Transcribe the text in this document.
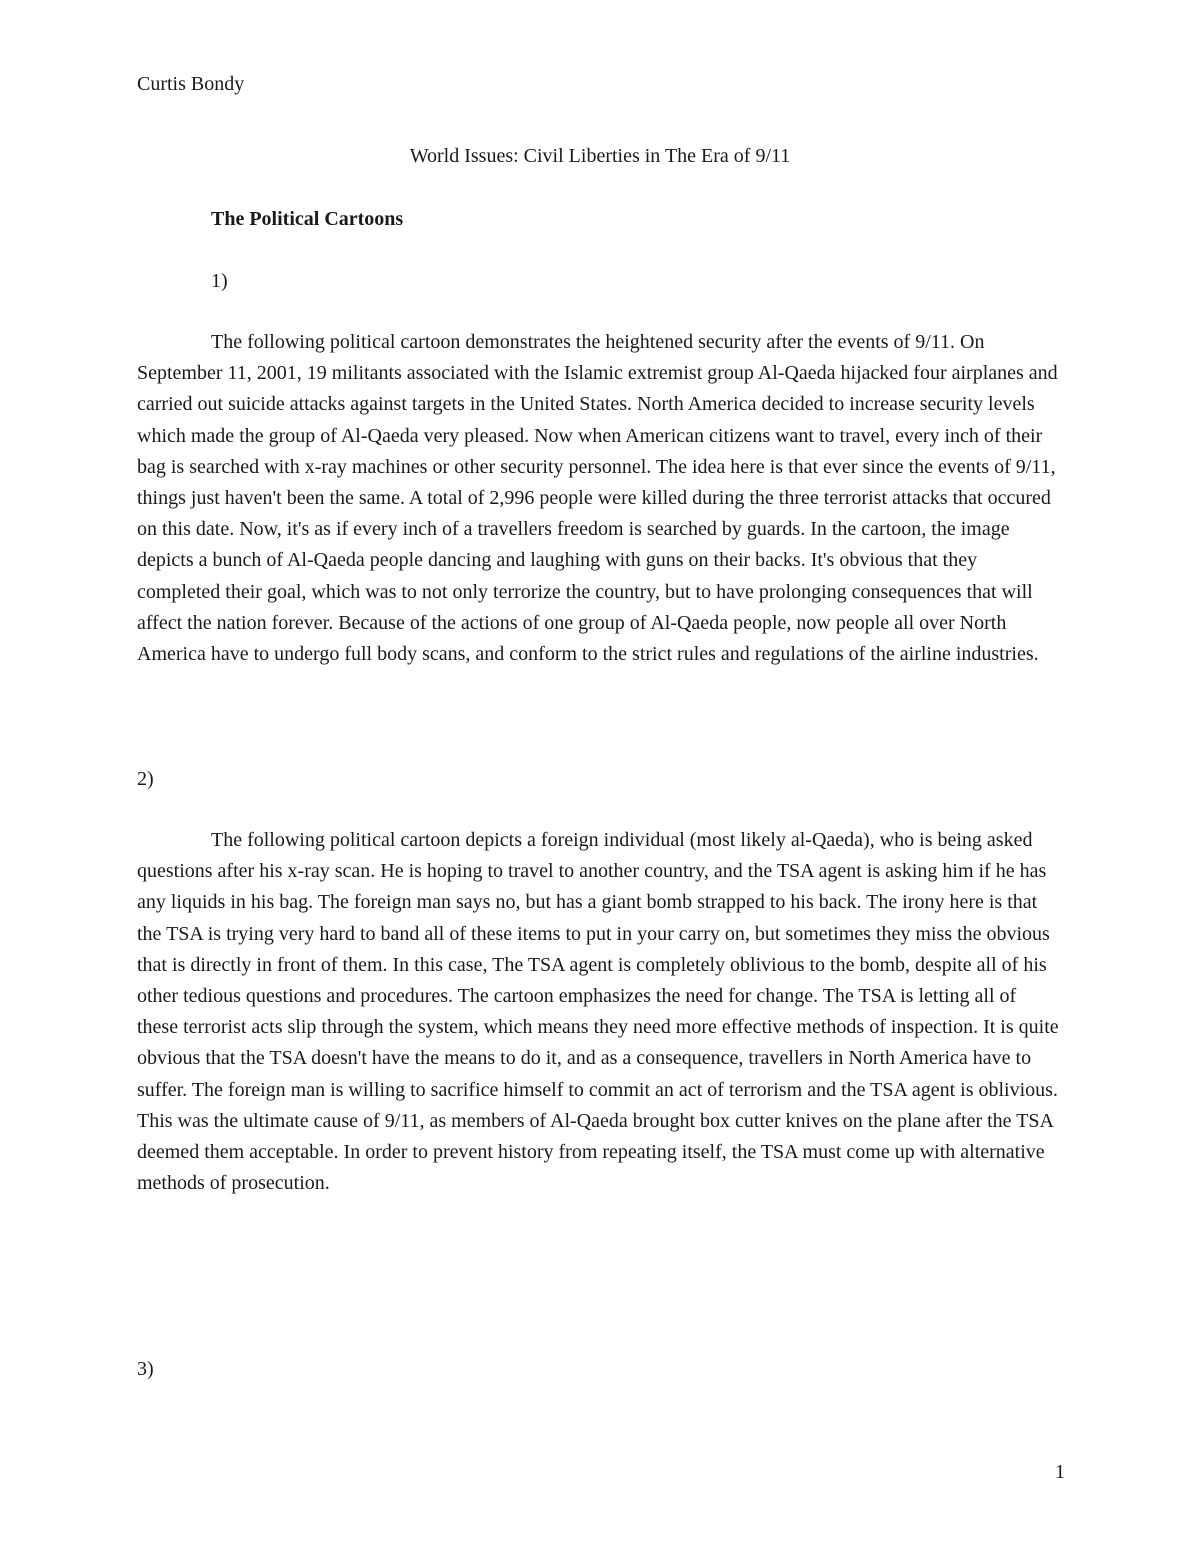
Curtis Bondy
World Issues: Civil Liberties in The Era of 9/11
The Political Cartoons
1)

The following political cartoon demonstrates the heightened security after the events of 9/11. On September 11, 2001, 19 militants associated with the Islamic extremist group Al-Qaeda hijacked four airplanes and carried out suicide attacks against targets in the United States. North America decided to increase security levels which made the group of Al-Qaeda very pleased. Now when American citizens want to travel, every inch of their bag is searched with x-ray machines or other security personnel. The idea here is that ever since the events of 9/11, things just haven't been the same. A total of 2,996 people were killed during the three terrorist attacks that occured on this date. Now, it's as if every inch of a travellers freedom is searched by guards. In the cartoon, the image depicts a bunch of Al-Qaeda people dancing and laughing with guns on their backs. It's obvious that they completed their goal, which was to not only terrorize the country, but to have prolonging consequences that will affect the nation forever. Because of the actions of one group of Al-Qaeda people, now people all over North America have to undergo full body scans, and conform to the strict rules and regulations of the airline industries.

2)

The following political cartoon depicts a foreign individual (most likely al-Qaeda), who is being asked questions after his x-ray scan. He is hoping to travel to another country, and the TSA agent is asking him if he has any liquids in his bag. The foreign man says no, but has a giant bomb strapped to his back. The irony here is that the TSA is trying very hard to band all of these items to put in your carry on, but sometimes they miss the obvious that is directly in front of them. In this case, The TSA agent is completely oblivious to the bomb, despite all of his other tedious questions and procedures. The cartoon emphasizes the need for change. The TSA is letting all of these terrorist acts slip through the system, which means they need more effective methods of inspection. It is quite obvious that the TSA doesn't have the means to do it, and as a consequence, travellers in North America have to suffer. The foreign man is willing to sacrifice himself to commit an act of terrorism and the TSA agent is oblivious. This was the ultimate cause of 9/11, as members of Al-Qaeda brought box cutter knives on the plane after the TSA deemed them acceptable. In order to prevent history from repeating itself, the TSA must come up with alternative methods of prosecution.

3)
1
